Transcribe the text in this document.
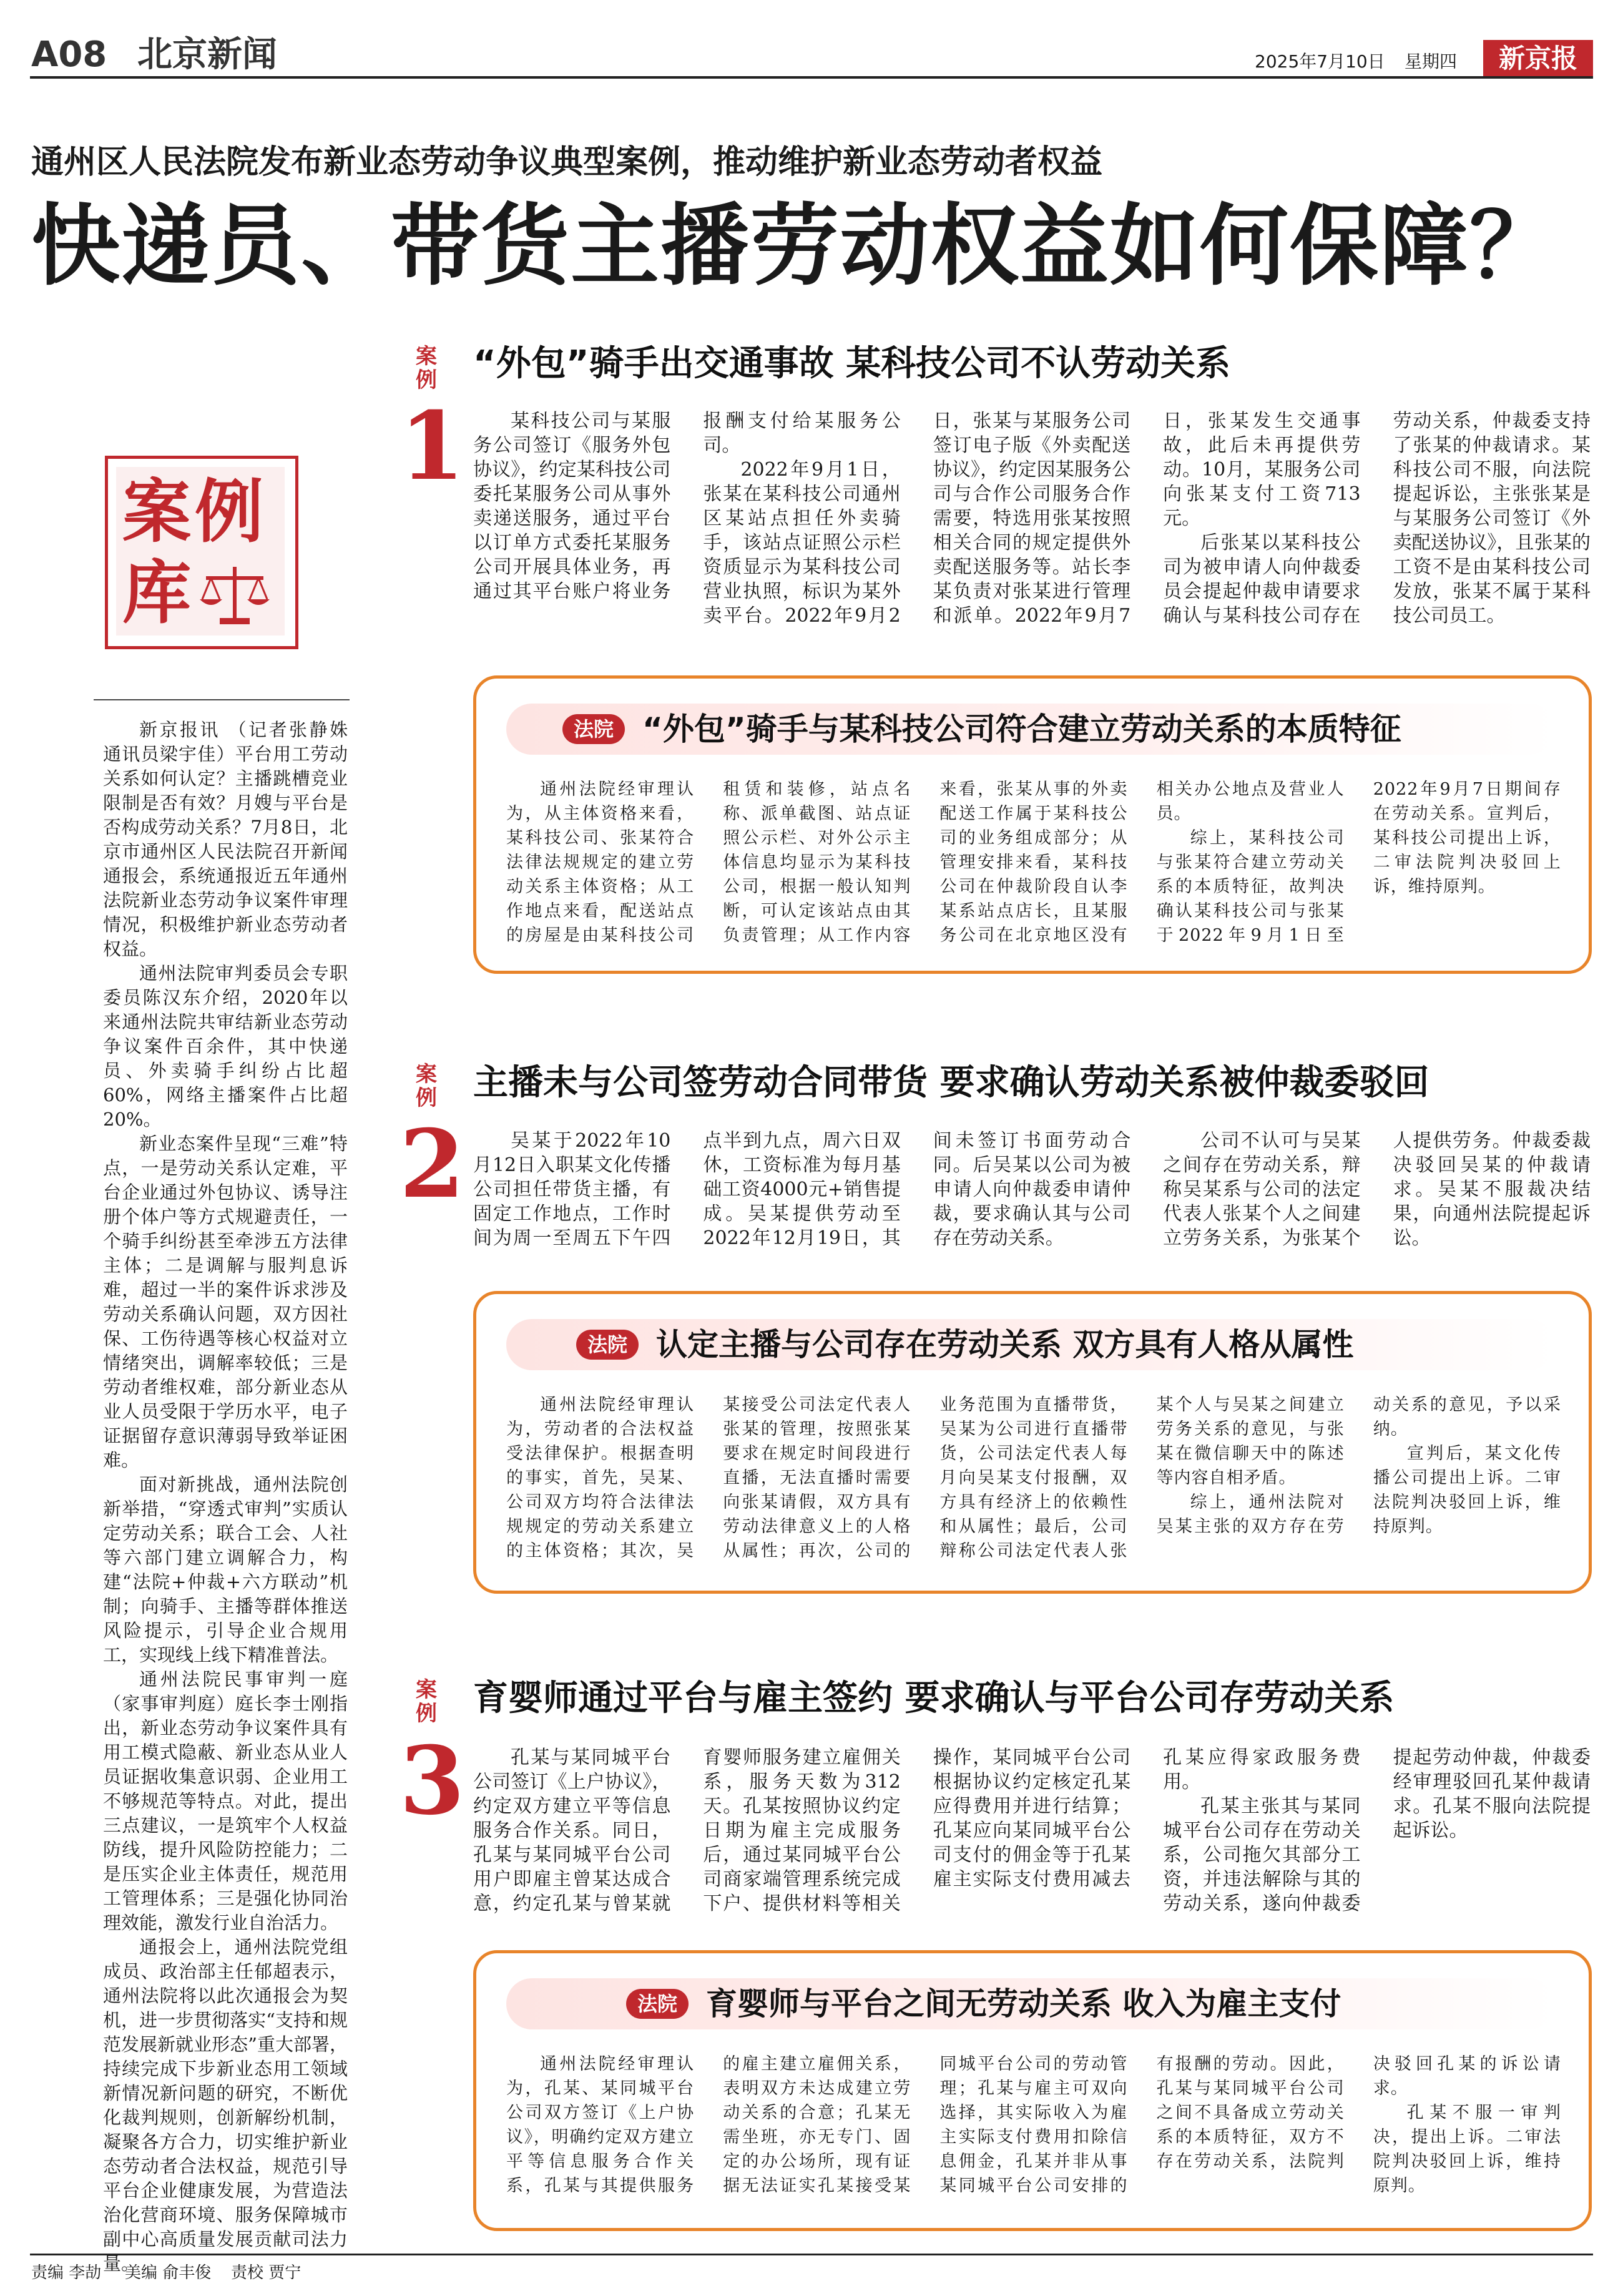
A08 北京新闻	2025年7月10日 星期四	新京报
通州区人民法院发布新业态劳动争议典型案例，推动维护新业态劳动者权益
快递员、带货主播劳动权益如何保障？
案例
库

新京报讯 （记者张静姝 通讯员梁宇佳）平台用工劳动关系如何认定？主播跳槽竞业限制是否有效？月嫂与平台是否构成劳动关系？7月8日，北京市通州区人民法院召开新闻通报会，系统通报近五年通州法院新业态劳动争议案件审理情况，积极维护新业态劳动者权益。

通州法院审判委员会专职委员陈汉东介绍，2020年以来通州法院共审结新业态劳动争议案件百余件，其中快递员、外卖骑手纠纷占比超60%，网络主播案件占比超20%。

新业态案件呈现“三难”特点，一是劳动关系认定难，平台企业通过外包协议、诱导注册个体户等方式规避责任，一个骑手纠纷甚至牵涉五方法律主体；二是调解与服判息诉难，超过一半的案件诉求涉及劳动关系确认问题，双方因社保、工伤待遇等核心权益对立情绪突出，调解率较低；三是劳动者维权难，部分新业态从业人员受限于学历水平，电子证据留存意识薄弱导致举证困难。

面对新挑战，通州法院创新举措，“穿透式审判”实质认定劳动关系；联合工会、人社等六部门建立调解合力，构建“法院+仲裁+六方联动”机制；向骑手、主播等群体推送风险提示，引导企业合规用工，实现线上线下精准普法。

通州法院民事审判一庭（家事审判庭）庭长李士刚指出，新业态劳动争议案件具有用工模式隐蔽、新业态从业人员证据收集意识弱、企业用工不够规范等特点。对此，提出三点建议，一是筑牢个人权益防线，提升风险防控能力；二是压实企业主体责任，规范用工管理体系；三是强化协同治理效能，激发行业自治活力。

通报会上，通州法院党组成员、政治部主任郁超表示，通州法院将以此次通报会为契机，进一步贯彻落实“支持和规范发展新就业形态”重大部署，持续完成下步新业态用工领域新情况新问题的研究，不断优化裁判规则，创新解纷机制，凝聚各方合力，切实维护新业态劳动者合法权益，规范引导平台企业健康发展，为营造法治化营商环境、服务保障城市副中心高质量发展贡献司法力量。

案例
1
“外包”骑手出交通事故 某科技公司不认劳动关系

某科技公司与某服务公司签订《服务外包协议》，约定某科技公司委托某服务公司从事外卖递送服务，通过平台以订单方式委托某服务公司开展具体业务，再通过其平台账户将业务报酬支付给某服务公司。

2022年9月1日，张某在某科技公司通州区某站点担任外卖骑手，该站点证照公示栏资质显示为某科技公司营业执照，标识为某外卖平台。2022年9月2日，张某与某服务公司签订电子版《外卖配送协议》，约定因某服务公司与合作公司服务合作需要，特选用张某按照相关合同的规定提供外卖配送服务等。站长李某负责对张某进行管理和派单。2022年9月7日，张某发生交通事故，此后未再提供劳动。10月，某服务公司向张某支付工资713元。

后张某以某科技公司为被申请人向仲裁委员会提起仲裁申请要求确认与某科技公司存在劳动关系，仲裁委支持了张某的仲裁请求。某科技公司不服，向法院提起诉讼，主张张某是与某服务公司签订《外卖配送协议》，且张某的工资不是由某科技公司发放，张某不属于某科技公司员工。

法院 “外包”骑手与某科技公司符合建立劳动关系的本质特征

通州法院经审理认为，从主体资格来看，某科技公司、张某符合法律法规规定的建立劳动关系主体资格；从工作地点来看，配送站点的房屋是由某科技公司租赁和装修，站点名称、派单截图、站点证照公示栏、对外公示主体信息均显示为某科技公司，根据一般认知判断，可认定该站点由其负责管理；从工作内容来看，张某从事的外卖配送工作属于某科技公司的业务组成部分；从管理安排来看，某科技公司在仲裁阶段自认李某系站点店长，且某服务公司在北京地区没有相关办公地点及营业人员。

综上，某科技公司与张某符合建立劳动关系的本质特征，故判决确认某科技公司与张某于2022年9月1日至2022年9月7日期间存在劳动关系。宣判后，某科技公司提出上诉，二审法院判决驳回上诉，维持原判。

案例
2
主播未与公司签劳动合同带货 要求确认劳动关系被仲裁委驳回

吴某于2022年10月12日入职某文化传播公司担任带货主播，有固定工作地点，工作时间为周一至周五下午四点半到九点，周六日双休，工资标准为每月基础工资4000元+销售提成。吴某提供劳动至2022年12月19日，其间未签订书面劳动合同。后吴某以公司为被申请人向仲裁委申请仲裁，要求确认其与公司存在劳动关系。

公司不认可与吴某之间存在劳动关系，辩称吴某系与公司的法定代表人张某个人之间建立劳务关系，为张某个人提供劳务。仲裁委裁决驳回吴某的仲裁请求。吴某不服裁决结果，向通州法院提起诉讼。

法院 认定主播与公司存在劳动关系 双方具有人格从属性

通州法院经审理认为，劳动者的合法权益受法律保护。根据查明的事实，首先，吴某、公司双方均符合法律法规规定的劳动关系建立的主体资格；其次，吴某接受公司法定代表人张某的管理，按照张某要求在规定时间段进行直播，无法直播时需要向张某请假，双方具有劳动法律意义上的人格从属性；再次，公司的业务范围为直播带货，吴某为公司进行直播带货，公司法定代表人每月向吴某支付报酬，双方具有经济上的依赖性和从属性；最后，公司辩称公司法定代表人张某个人与吴某之间建立劳务关系的意见，与张某在微信聊天中的陈述等内容自相矛盾。

综上，通州法院对吴某主张的双方存在劳动关系的意见，予以采纳。

宣判后，某文化传播公司提出上诉。二审法院判决驳回上诉，维持原判。

案例
3
育婴师通过平台与雇主签约 要求确认与平台公司存劳动关系

孔某与某同城平台公司签订《上户协议》，约定双方建立平等信息服务合作关系。同日，孔某与某同城平台公司用户即雇主曾某达成合意，约定孔某与曾某就育婴师服务建立雇佣关系，服务天数为312天。孔某按照协议约定日期为雇主完成服务后，通过某同城平台公司商家端管理系统完成下户、提供材料等相关操作，某同城平台公司根据协议约定核定孔某应得费用并进行结算；孔某应向某同城平台公司支付的佣金等于孔某雇主实际支付费用减去孔某应得家政服务费用。

孔某主张其与某同城平台公司存在劳动关系，公司拖欠其部分工资，并违法解除与其的劳动关系，遂向仲裁委提起劳动仲裁，仲裁委经审理驳回孔某仲裁请求。孔某不服向法院提起诉讼。

法院 育婴师与平台之间无劳动关系 收入为雇主支付

通州法院经审理认为，孔某、某同城平台公司双方签订《上户协议》，明确约定双方建立平等信息服务合作关系，孔某与其提供服务的雇主建立雇佣关系，表明双方未达成建立劳动关系的合意；孔某无需坐班，亦无专门、固定的办公场所，现有证据无法证实孔某接受某同城平台公司的劳动管理；孔某与雇主可双向选择，其实际收入为雇主实际支付费用扣除信息佣金，孔某并非从事某同城平台公司安排的有报酬的劳动。因此，孔某与某同城平台公司之间不具备成立劳动关系的本质特征，双方不存在劳动关系，法院判决驳回孔某的诉讼请求。

孔某不服一审判决，提出上诉。二审法院判决驳回上诉，维持原判。

责编 李劼 美编 俞丰俊 责校 贾宁
